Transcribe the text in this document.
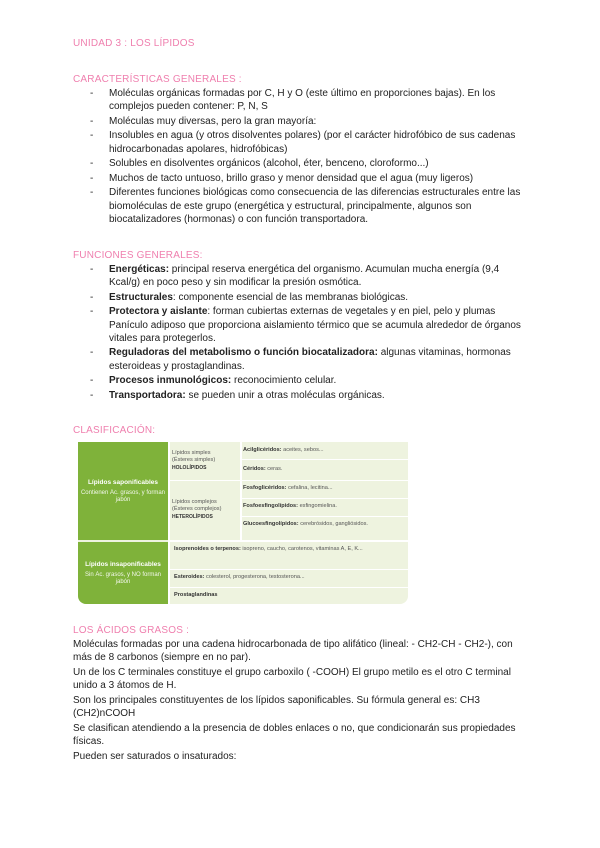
UNIDAD 3 : LOS LÍPIDOS
CARACTERÍSTICAS GENERALES :
- Moléculas orgánicas formadas por C, H y O (este último en proporciones bajas). En los complejos pueden contener: P, N, S
- Moléculas muy diversas, pero la gran mayoría:
- Insolubles en agua (y otros disolventes polares) (por el carácter hidrofóbico de sus cadenas hidrocarbonadas apolares, hidrofóbicas)
- Solubles en disolventes orgánicos (alcohol, éter, benceno, cloroformo...)
- Muchos de tacto untuoso, brillo graso y menor densidad que el agua (muy ligeros)
- Diferentes funciones biológicas como consecuencia de las diferencias estructurales entre las biomoléculas de este grupo (energética y estructural, principalmente, algunos son biocatalizadores (hormonas) o con función transportadora.
FUNCIONES GENERALES:
- Energéticas: principal reserva energética del organismo. Acumulan mucha energía (9,4 Kcal/g) en poco peso y sin modificar la presión osmótica.
- Estructurales: componente esencial de las membranas biológicas.
- Protectora y aislante: forman cubiertas externas de vegetales y en piel, pelo y plumas Panículo adiposo que proporciona aislamiento térmico que se acumula alrededor de órganos vitales para protegerlos.
- Reguladoras del metabolismo o función biocatalizadora: algunas vitaminas, hormonas esteroideas y prostaglandinas.
- Procesos inmunológicos: reconocimiento celular.
- Transportadora: se pueden unir a otras moléculas orgánicas.
CLASIFICACIÓN:
Lípidos saponificables
Contienen Ác. grasos, y forman jabón
Lípidos insaponificables
Sin Ác. grasos, y NO forman jabón
Lípidos simples
(Ésteres simples)
HOLOLÍPIDOS
Lípidos complejos
(Ésteres complejos)
HETEROLÍPIDOS
Acilglicéridos: aceites, sebos...
Céridos: ceras.
Fosfoglicéridos: cefalina, lecitina...
Fosfoesfingolípidos: esfingomielina.
Glucoesfingolípidos: cerebrósidos, gangliósidos.
Isoprenoides o terpenos: isopreno, caucho, carotenos, vitaminas A, E, K...
Esteroides: colesterol, progesterona, testosterona...
Prostaglandinas
LOS ÁCIDOS GRASOS :

Moléculas formadas por una cadena hidrocarbonada de tipo alifático (lineal: - CH2-CH - CH2-), con más de 8 carbonos (siempre en no par).

Un de los C terminales constituye el grupo carboxilo ( -COOH) El grupo metilo es el otro C terminal unido a 3 átomos de H.

Son los principales constituyentes de los lípidos saponificables. Su fórmula general es: CH3 (CH2)nCOOH

Se clasifican atendiendo a la presencia de dobles enlaces o no, que condicionarán sus propiedades físicas.

Pueden ser saturados o insaturados:
